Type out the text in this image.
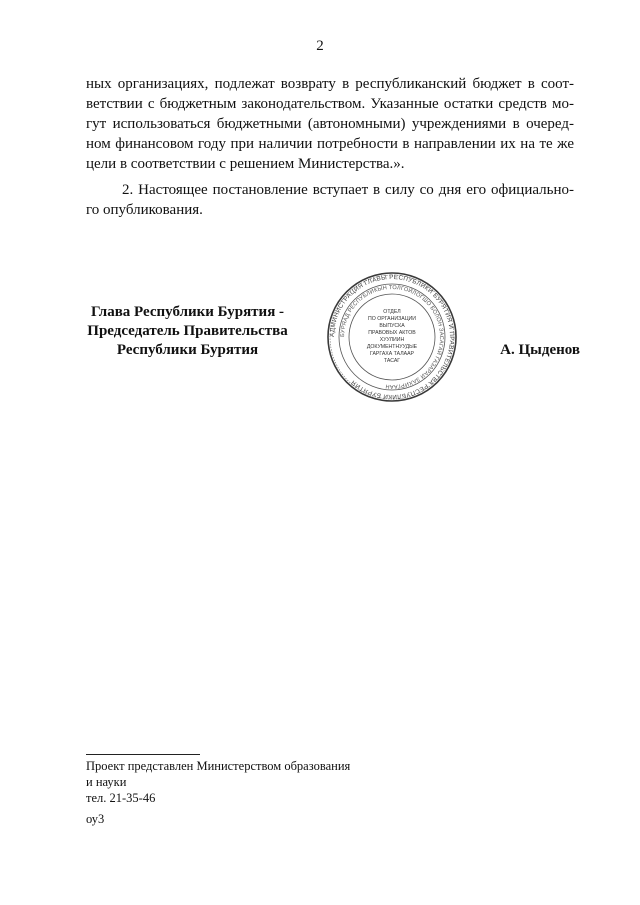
2
ных организациях, подлежат возврату в республиканский бюджет в соот-
ветствии с бюджетным законодательством. Указанные остатки средств мо-
гут использоваться бюджетными (автономными) учреждениями в очеред-
ном финансовом году при наличии потребности в направлении их на те же
цели в соответствии с решением Министерства.».
2. Настоящее постановление вступает в силу со дня его официально-
го опубликования.
Глава Республики Бурятия -
Председатель Правительства
Республики Бурятия
АДМИНИСТРАЦИЯ ГЛАВЫ РЕСПУБЛИКИ БУРЯТИЯ И ПРАВИТЕЛЬСТВА РЕСПУБЛИКИ БУРЯТИЯ
БУРЯАД РЕСПУБЛИКЫН ТОЛГОЙЛОГШО БОЛОН ЗАСАГАЙ ГАЗАРАЙ ЗАХИРГААН
ОТДЕЛ
ПО ОРГАНИЗАЦИИ
ВЫПУСКА
ПРАВОВЫХ АКТОВ
ХУУЛИИН
ДОКУМЕНТНУУДЫЕ
ГАРГАХА ТАЛААР
ТАСАГ
А. Цыденов
Проект представлен Министерством образования
и науки
тел. 21-35-46
оу3
